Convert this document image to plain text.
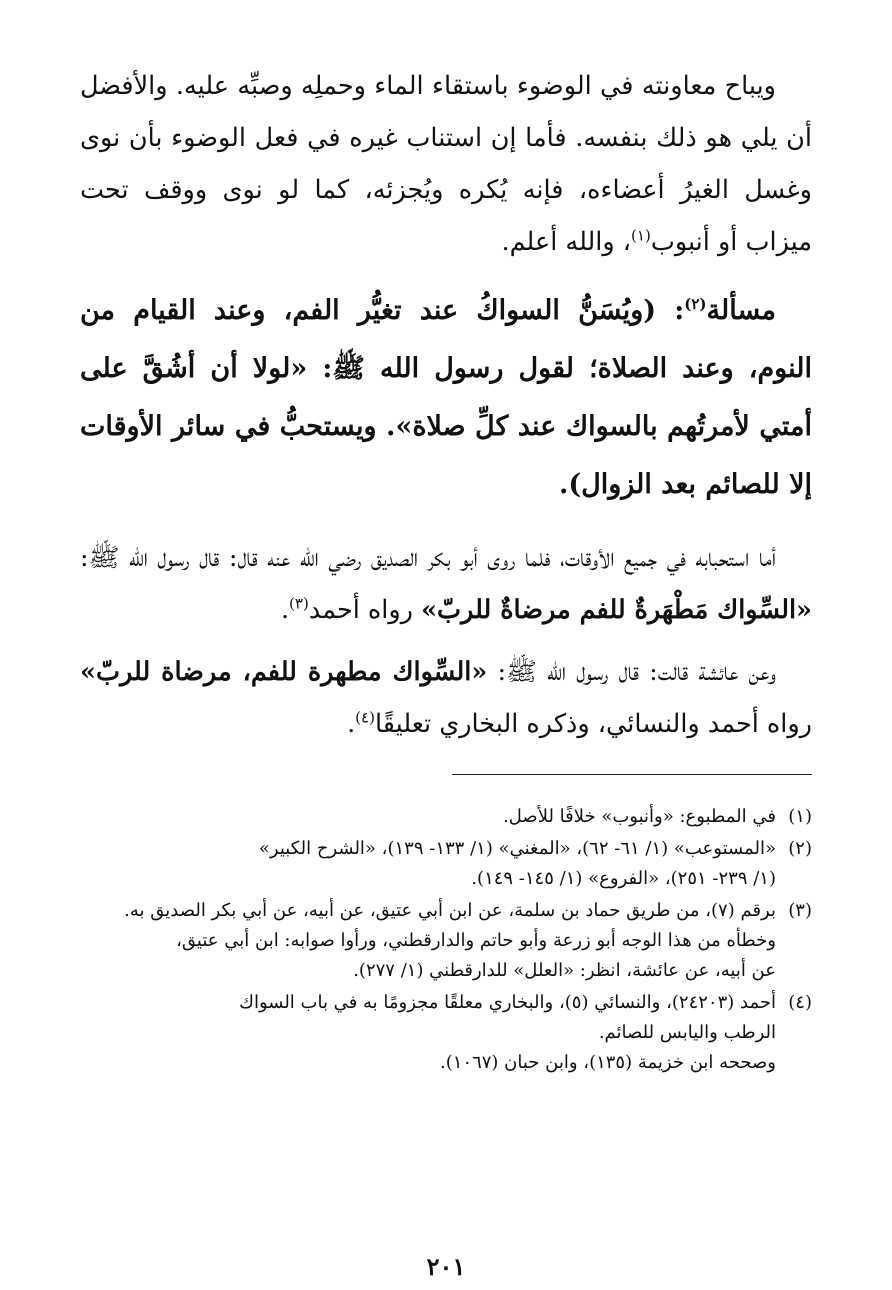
ويباح معاونته في الوضوء باستقاء الماء وحملِه وصبِّه عليه. والأفضل أن يلي هو ذلك بنفسه. فأما إن استناب غيره في فعل الوضوء بأن نوى وغسل الغيرُ أعضاءه، فإنه يُكره ويُجزئه، كما لو نوى ووقف تحت ميزاب أو أنبوب$^{(١)}$، والله أعلم.

مسألة$^{(٢)}$: (ويُسَنُّ السواكُ عند تغيُّر الفم، وعند القيام من النوم، وعند الصلاة؛ لقول رسول الله ﷺ: «لولا أن أشُقَّ على أمتي لأمرتُهم بالسواك عند كلِّ صلاة». ويستحبُّ في سائر الأوقات إلا للصائم بعد الزوال).

أما استحبابه في جميع الأوقات، فلما روى أبو بكر الصديق رضي الله عنه قال: قال رسول الله ﷺ: «السِّواك مَطْهَرةٌ للفم مرضاةٌ للربّ» رواه أحمد$^{(٣)}$.

وعن عائشة قالت: قال رسول الله ﷺ: «السِّواك مطهرة للفم، مرضاة للربّ» رواه أحمد والنسائي، وذكره البخاري تعليقًا$^{(٤)}$.

(١)
في المطبوع: «وأنبوب» خلافًا للأصل.
(٢)
«المستوعب» (١/ ٦١- ٦٢)، «المغني» (١/ ١٣٣- ١٣٩)، «الشرح الكبير»
(١/ ٢٣٩- ٢٥١)، «الفروع» (١/ ١٤٥- ١٤٩).
(٣)
برقم (٧)، من طريق حماد بن سلمة، عن ابن أبي عتيق، عن أبيه، عن أبي بكر الصديق به.
وخطأه من هذا الوجه أبو زرعة وأبو حاتم والدارقطني، ورأوا صوابه: ابن أبي عتيق،
عن أبيه، عن عائشة، انظر: «العلل» للدارقطني (١/ ٢٧٧).
(٤)
أحمد (٢٤٢٠٣)، والنسائي (٥)، والبخاري معلقًا مجزومًا به في باب السواك
الرطب واليابس للصائم.
وصححه ابن خزيمة (١٣٥)، وابن حبان (١٠٦٧).
٢٠١
